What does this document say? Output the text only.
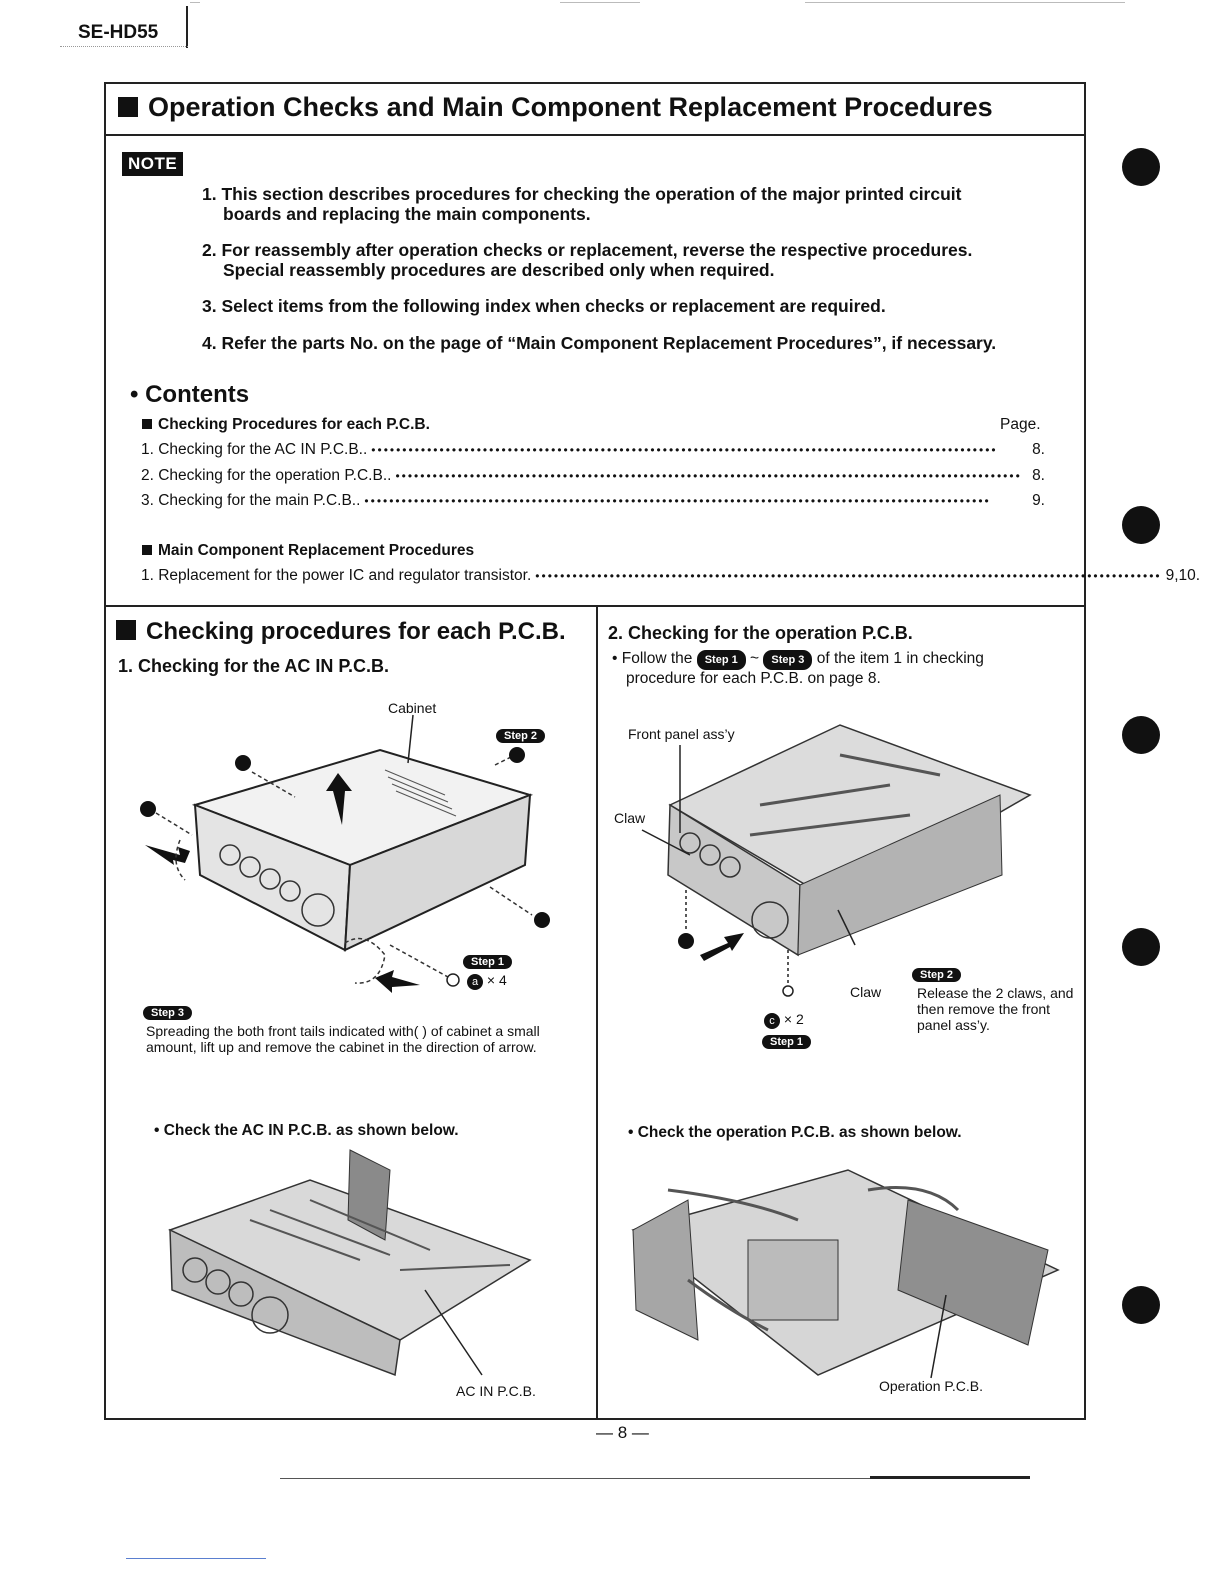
SE-HD55
Operation Checks and Main Component Replacement Procedures
NOTE
1. This section describes procedures for checking the operation of the major printed circuit
boards and replacing the main components.
2. For reassembly after operation checks or replacement, reverse the respective procedures.
Special reassembly procedures are described only when required.
3. Select items from the following index when checks or replacement are required.
4. Refer the parts No. on the page of “Main Component Replacement Procedures”, if necessary.
• Contents
Checking Procedures for each P.C.B.	Page.
1. Checking for the AC IN P.C.B.. •••••••••••••••••••••••••••••••••••••••••••••••••••••••••••••••••••••••••••••••••••••••••••••••••••••	8.
2. Checking for the operation P.C.B.. ••••••••••••••••••••••••••••••••••••••••••••••••••••••••••••••••••••••••••••••••••••••••••••••••••••• 8.
3. Checking for the main P.C.B.. •••••••••••••••••••••••••••••••••••••••••••••••••••••••••••••••••••••••••••••••••••••••••••••••••••••	9.
Main Component Replacement Procedures
1. Replacement for the power IC and regulator transistor. ••••••••••••••••••••••••••••••••••••••••••••••••••••••••••••••••••••••••••••••••••••••••••••••••••••• 9,10.
Checking procedures for each P.C.B.
1. Checking for the AC IN P.C.B.
Cabinet
Step 2
Step 1
a × 4
Step 3
Spreading the both front tails indicated with( ) of cabinet a small amount, lift up and remove the cabinet in the direction of arrow.
• Check the AC IN P.C.B. as shown below.
AC IN P.C.B.
2. Checking for the operation P.C.B.
• Follow the Step 1 ~ Step 3 of the item 1 in checking
procedure for each P.C.B. on page 8.
Front panel ass’y
Claw
Claw
c × 2
Step 1
Step 2
Release the 2 claws, and then remove the front panel ass’y.
• Check the operation P.C.B. as shown below.
Operation P.C.B.
— 8 —
